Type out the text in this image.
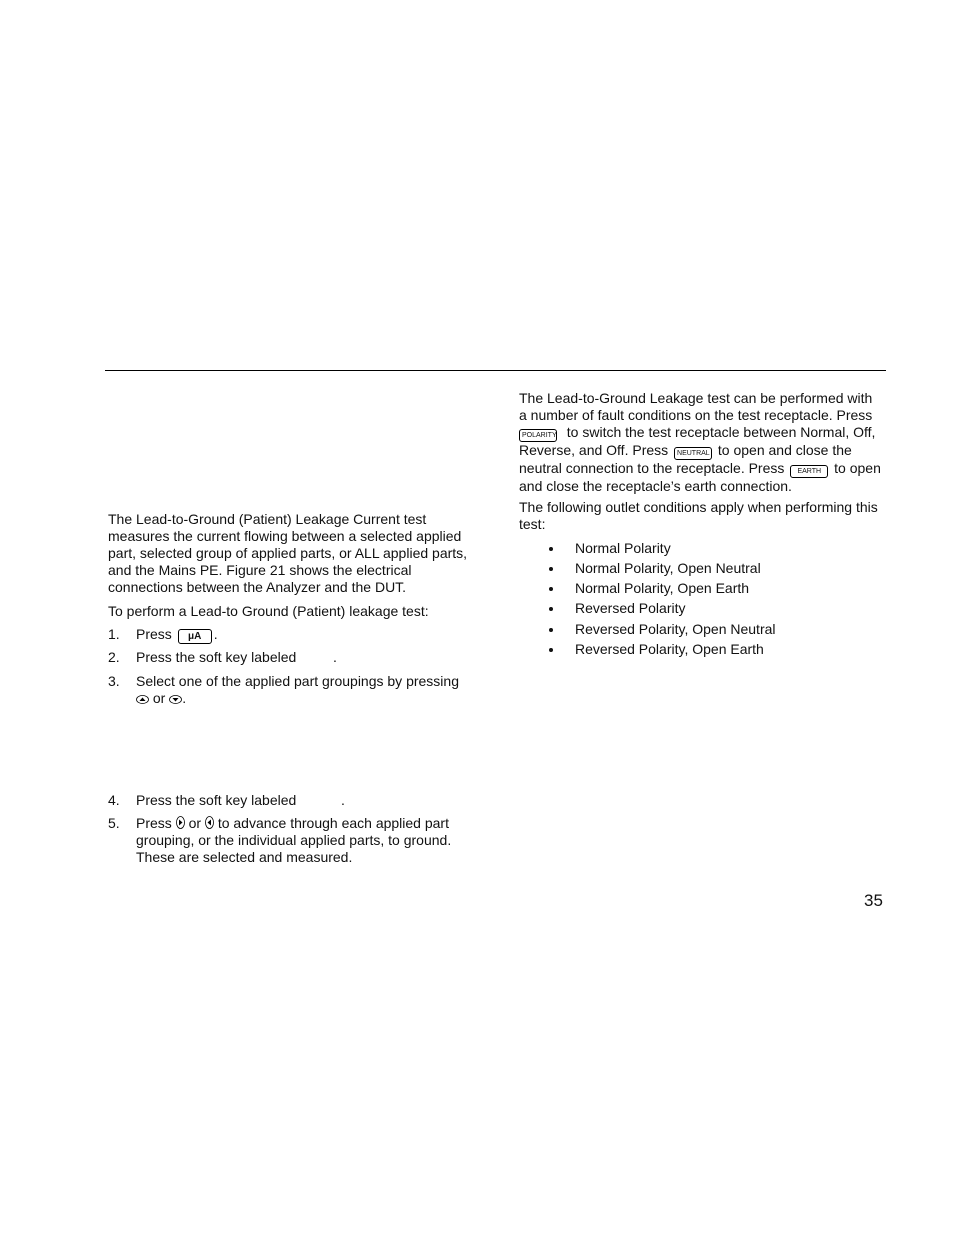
The Lead-to-Ground (Patient) Leakage Current test measures the current flowing between a selected applied part, selected group of applied parts, or ALL applied parts, and the Mains PE. Figure 21 shows the electrical connections between the Analyzer and the DUT.

To perform a Lead-to Ground (Patient) leakage test:

1. Press μA .
2. Press the soft key labeled	.
3. Select one of the applied part groupings by pressing
or .
4. Press the soft key labeled	.
5. Press or to advance through each applied part
grouping, or the individual applied parts, to ground.
These are selected and measured.
The Lead-to-Ground Leakage test can be performed with
a number of fault conditions on the test receptacle. Press
POLARITY to switch the test receptacle between Normal, Off,
Reverse, and Off. Press NEUTRAL to open and close the
neutral connection to the receptacle. Press EARTH to open
and close the receptacle’s earth connection.

The following outlet conditions apply when performing this test:

Normal Polarity
Normal Polarity, Open Neutral
Normal Polarity, Open Earth
Reversed Polarity
Reversed Polarity, Open Neutral
Reversed Polarity, Open Earth
35
